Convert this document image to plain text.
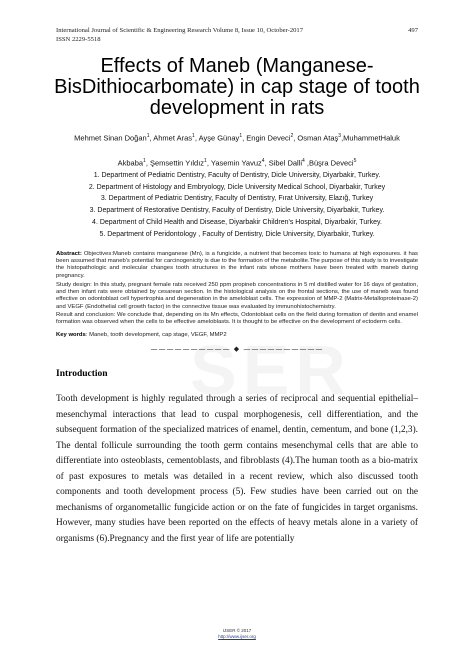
International Journal of Scientific & Engineering Research Volume 8, Issue 10, October-2017
ISSN 2229-5518
497
Effects of Maneb (Manganese-BisDithiocarbomate) in cap stage of tooth development in rats
Mehmet Sinan Doğan$^1$, Ahmet Aras$^1$, Ayşe Günay$^1$, Engin Deveci$^2$, Osman Ataş$^3$,MuhammetHaluk
Akbaba$^1$, Şemsettin Yıldız$^1$, Yasemin Yavuz$^4$, Sibel Dalli$^4$ ,Büşra Deveci$^5$
1. Department of Pediatric Dentistry, Faculty of Dentistry, Dicle University, Diyarbakir, Turkey.
2. Department of Histology and Embryology, Dicle University Medical School, Diyarbakir, Turkey
3. Department of Pediatric Dentistry, Faculty of Dentistry, Fırat University, Elazığ, Turkey
3. Department of Restorative Dentistry, Faculty of Dentistry, Dicle University, Diyarbakir, Turkey.
4. Department of Child Health and Disease, Diyarbakir Children's Hospital, Diyarbakir, Turkey.
5. Department of Peridontology , Faculty of Dentistry, Dicle University, Diyarbakir, Turkey.
Abstract: Objectives:Maneb contains manganese (Mn), is a fungicide, a nutrient that becomes toxic to humans at high exposures. it has been assumed that maneb's potential for carcinogenicity is due to the formation of the metabolite.The purpose of this study is to investigate the histopathologic and molecular changes tooth structures in the infant rats whose mothers have been treated with maneb during pregnancy.
Study design: In this study, pregnant female rats received 250 ppm propineb concentrations in 5 ml distilled water for 16 days of gestation, and then infant rats were obtained by cesarean section. In the histological analysis on the frontal sections, the use of maneb was found effective on odontoblast cell hypertrophia and degeneration in the ameloblast cells. The expression of MMP-2 (Matrix-Metalloproteinase-2) and VEGF (Endothelial cell growth factor) in the connective tissue was evaluated by immunohistochemistry.
Result and conclusion: We conclude that, depending on its Mn effects, Odontoblast cells on the field during formation of dentin and enamel formation was observed when the cells to be effective ameloblasts. It is thought to be effective on the development of ectoderm cells.
Key words: Maneb, tooth development, cap stage, VEGF, MMP2
—————————— ◆ ——————————
Introduction
Tooth development is highly regulated through a series of reciprocal and sequential epithelial–mesenchymal interactions that lead to cuspal morphogenesis, cell differentiation, and the subsequent formation of the specialized matrices of enamel, dentin, cementum, and bone (1,2,3). The dental follicule surrounding the tooth germ contains mesenchymal cells that are able to differentiate into osteoblasts, cementoblasts, and fibroblasts (4).The human tooth as a bio-matrix of past exposures to metals was detailed in a recent review, which also discussed tooth components and tooth development process (5). Few studies have been carried out on the mechanisms of organometallic fungicide action or on the fate of fungicides in target organisms. However, many studies have been reported on the effects of heavy metals alone in a variety of organisms (6).Pregnancy and the first year of life are potentially
IJSER © 2017
http://www.ijser.org
